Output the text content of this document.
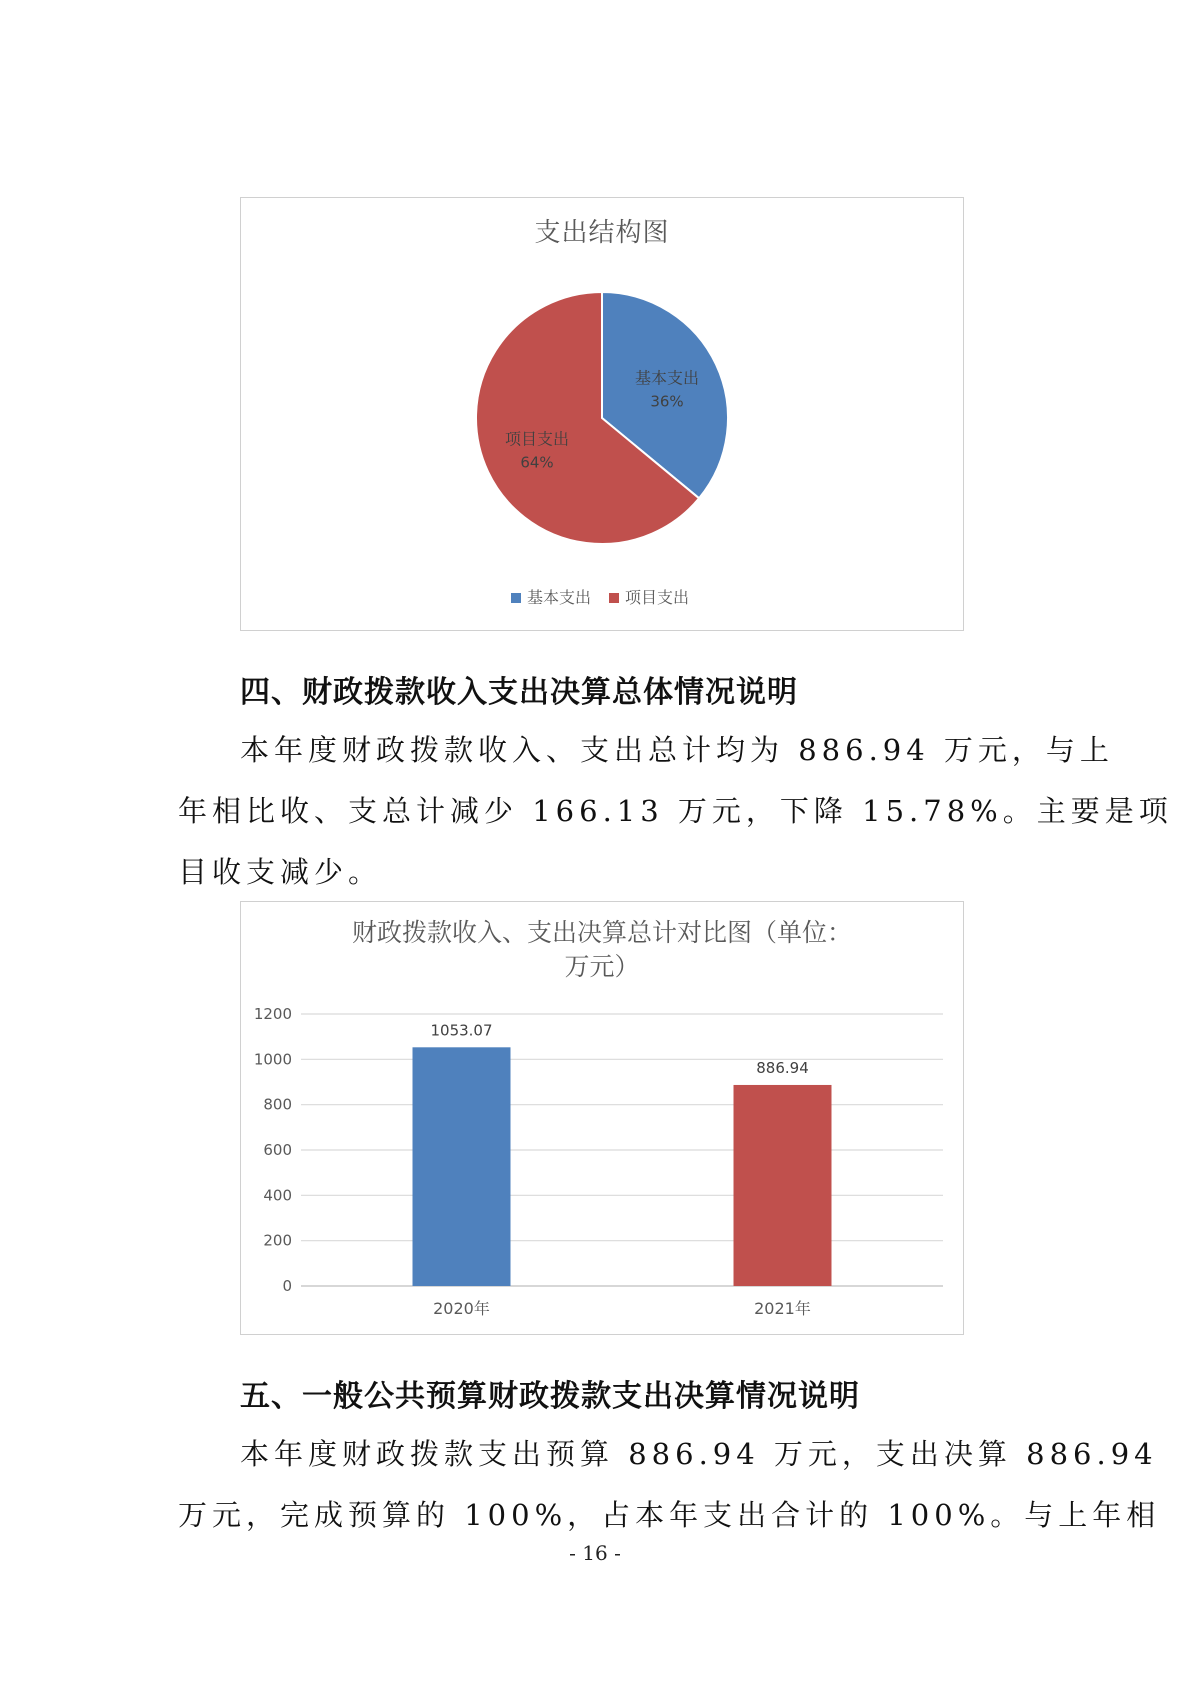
支出结构图
基本支出
36%
项目支出
64%
基本支出 项目支出
四、财政拨款收入支出决算总体情况说明
本年度财政拨款收入、支出总计均为 886.94 万元，与上
年相比收、支总计减少 166.13 万元，下降 15.78%。主要是项
目收支减少。
财政拨款收入、支出决算总计对比图（单位：
万元）
0
200
400
600
800
1000
1200
1053.07
2020年
886.94
2021年
五、一般公共预算财政拨款支出决算情况说明
本年度财政拨款支出预算 886.94 万元，支出决算 886.94
万元，完成预算的 100%，占本年支出合计的 100%。与上年相
- 16 -
